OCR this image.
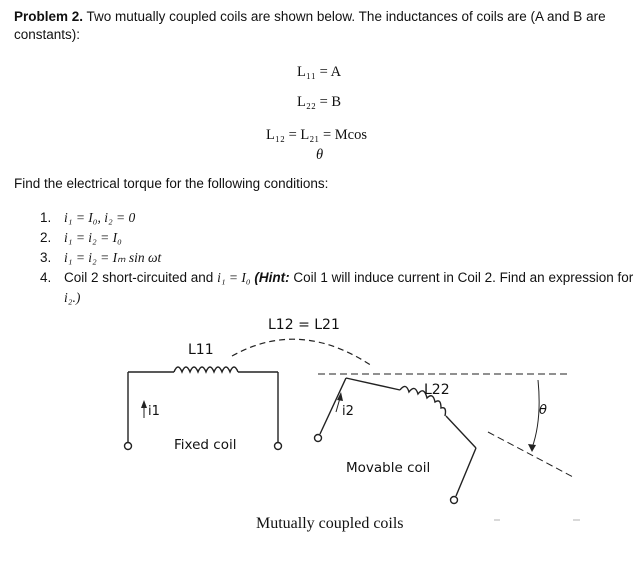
Problem 2. Two mutually coupled coils are shown below. The inductances of coils are (A and B are constants):
L₁₁ = A
L₂₂ = B
L₁₂ = L₂₁ = Mcos
θ
Find the electrical torque for the following conditions:
1. i₁ = I₀, i₂ = 0
2. i₁ = i₂ = I₀
3. i₁ = i₂ = Iₘ sin ωt
4. Coil 2 short-circuited and i₁ = I₀ (Hint: Coil 1 will induce current in Coil 2. Find an expression for
i₂.)
L12 = L21
L11
L22
i1	i2	θ
Fixed coil
Movable coil
Mutually coupled coils
